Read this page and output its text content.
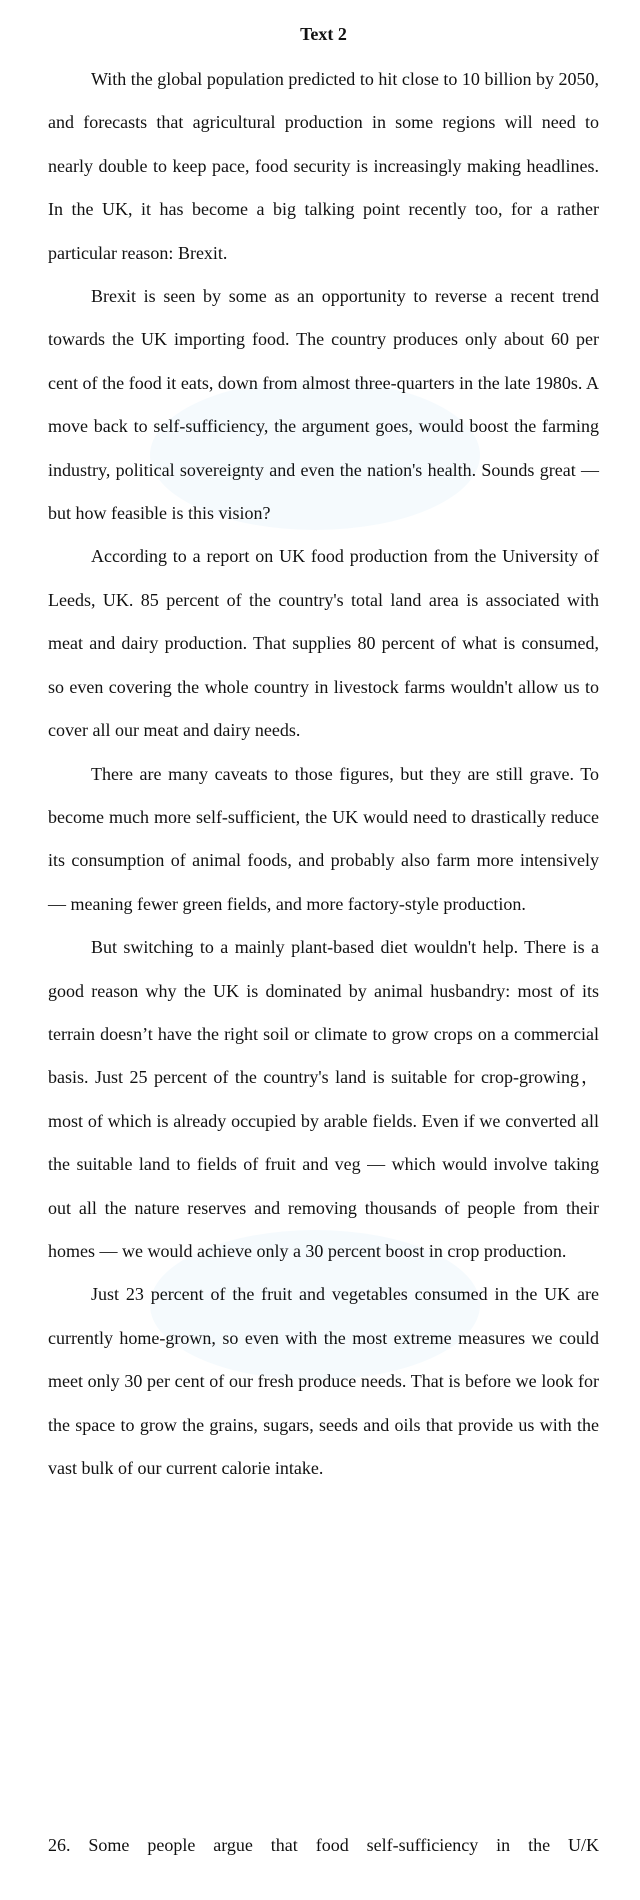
Text 2

With the global population predicted to hit close to 10 billion by 2050, and forecasts that agricultural production in some regions will need to nearly double to keep pace, food security is increasingly making headlines. In the UK, it has become a big talking point recently too, for a rather particular reason: Brexit.

Brexit is seen by some as an opportunity to reverse a recent trend towards the UK importing food. The country produces only about 60 per cent of the food it eats, down from almost three-quarters in the late 1980s. A move back to self-sufficiency, the argument goes, would boost the farming industry, political sovereignty and even the nation's health. Sounds great — but how feasible is this vision?

According to a report on UK food production from the University of Leeds, UK. 85 percent of the country's total land area is associated with meat and dairy production. That supplies 80 percent of what is consumed, so even covering the whole country in livestock farms wouldn't allow us to cover all our meat and dairy needs.

There are many caveats to those figures, but they are still grave. To become much more self-sufficient, the UK would need to drastically reduce its consumption of animal foods, and probably also farm more intensively — meaning fewer green fields, and more factory-style production.

But switching to a mainly plant-based diet wouldn't help. There is a good reason why the UK is dominated by animal husbandry: most of its terrain doesn’t have the right soil or climate to grow crops on a commercial basis. Just 25 percent of the country's land is suitable for crop-growing，most of which is already occupied by arable fields. Even if we converted all the suitable land to fields of fruit and veg — which would involve taking out all the nature reserves and removing thousands of people from their homes — we would achieve only a 30 percent boost in crop production.

Just 23 percent of the fruit and vegetables consumed in the UK are currently home-grown, so even with the most extreme measures we could meet only 30 per cent of our fresh produce needs. That is before we look for the space to grow the grains, sugars, seeds and oils that provide us with the vast bulk of our current calorie intake.

26. Some people argue that food self-sufficiency in the U/K
